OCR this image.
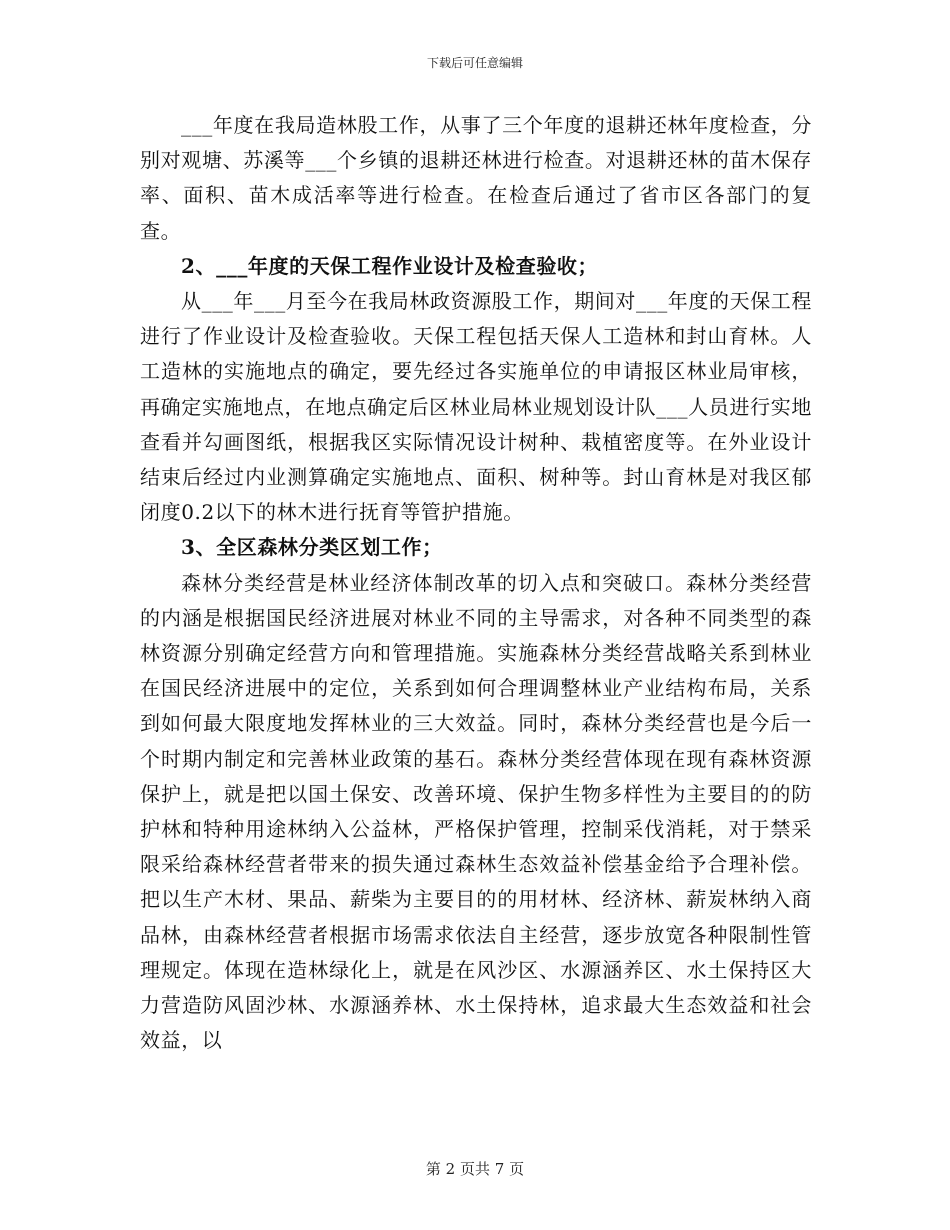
下载后可任意编辑

___年度在我局造林股工作，从事了三个年度的退耕还林年度检查，分别对观塘、苏溪等___个乡镇的退耕还林进行检查。对退耕还林的苗木保存率、面积、苗木成活率等进行检查。在检查后通过了省市区各部门的复查。

2、___年度的天保工程作业设计及检查验收；

从___年___月至今在我局林政资源股工作，期间对___年度的天保工程进行了作业设计及检查验收。天保工程包括天保人工造林和封山育林。人工造林的实施地点的确定，要先经过各实施单位的申请报区林业局审核，再确定实施地点，在地点确定后区林业局林业规划设计队___人员进行实地查看并勾画图纸，根据我区实际情况设计树种、栽植密度等。在外业设计结束后经过内业测算确定实施地点、面积、树种等。封山育林是对我区郁闭度0.2以下的林木进行抚育等管护措施。

3、全区森林分类区划工作；

森林分类经营是林业经济体制改革的切入点和突破口。森林分类经营的内涵是根据国民经济进展对林业不同的主导需求，对各种不同类型的森林资源分别确定经营方向和管理措施。实施森林分类经营战略关系到林业在国民经济进展中的定位，关系到如何合理调整林业产业结构布局，关系到如何最大限度地发挥林业的三大效益。同时，森林分类经营也是今后一个时期内制定和完善林业政策的基石。森林分类经营体现在现有森林资源保护上，就是把以国土保安、改善环境、保护生物多样性为主要目的的防护林和特种用途林纳入公益林，严格保护管理，控制采伐消耗，对于禁采限采给森林经营者带来的损失通过森林生态效益补偿基金给予合理补偿。把以生产木材、果品、薪柴为主要目的的用材林、经济林、薪炭林纳入商品林，由森林经营者根据市场需求依法自主经营，逐步放宽各种限制性管理规定。体现在造林绿化上，就是在风沙区、水源涵养区、水土保持区大力营造防风固沙林、水源涵养林、水土保持林，追求最大生态效益和社会效益，以

第 2 页共 7 页
